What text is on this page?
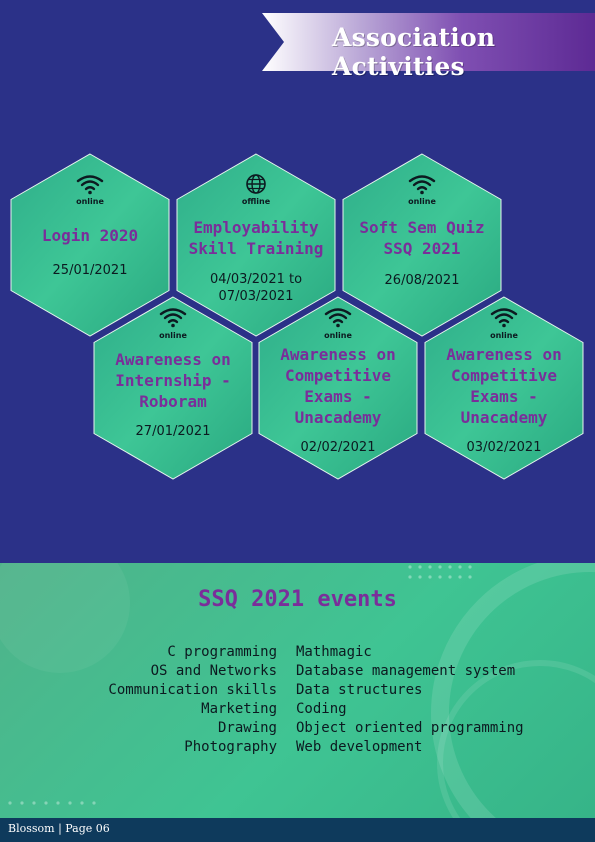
Association Activities
online
Login 2020
25/01/2021
offline
Employability Skill Training
04/03/2021 to 07/03/2021
online
Soft Sem Quiz SSQ 2021
26/08/2021
online
Awareness on Internship -Roboram
27/01/2021
online
Awareness on Competitive Exams -Unacademy
02/02/2021
online
Awareness on Competitive Exams -Unacademy
03/02/2021
SSQ 2021 events
C programming
OS and Networks
Communication skills
Marketing
Drawing
Photography
Mathmagic
Database management system
Data structures
Coding
Object oriented programming
Web development
Blossom | Page 06
